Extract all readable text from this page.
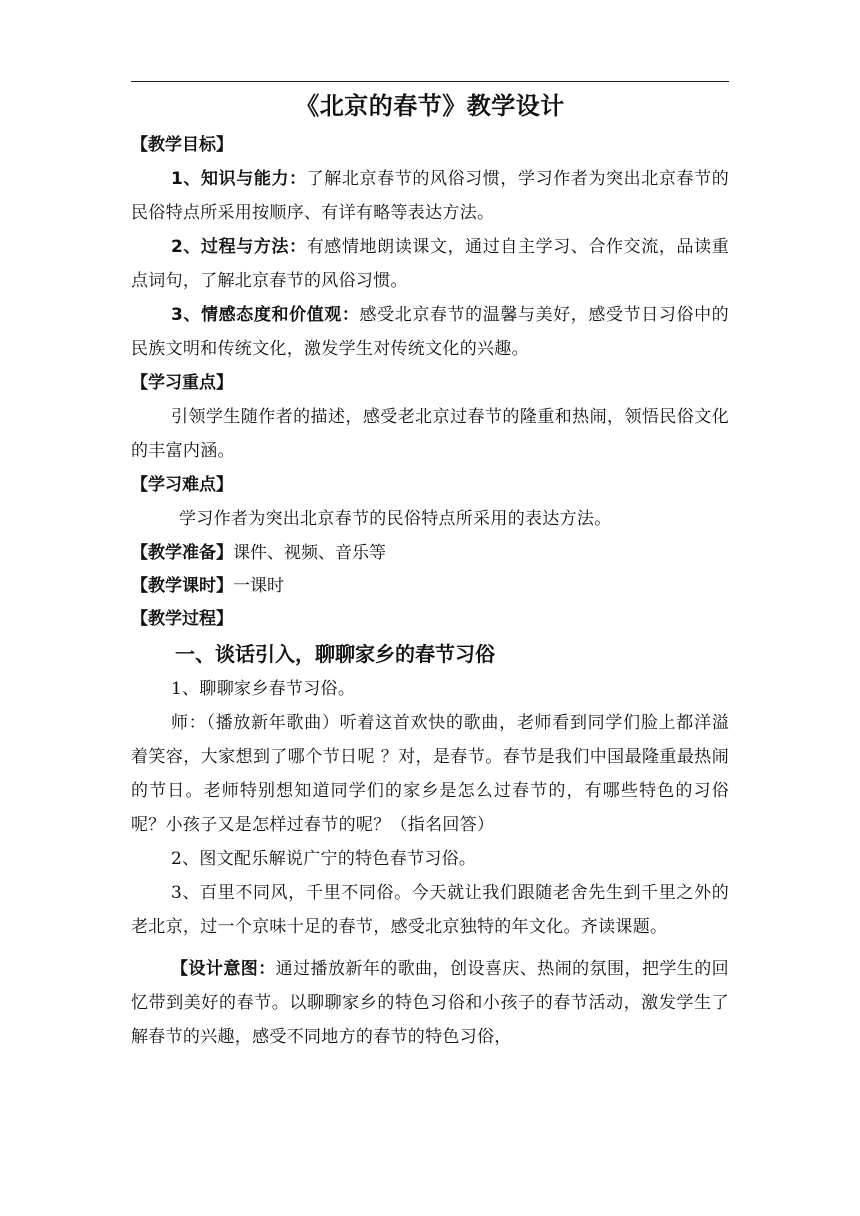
《北京的春节》教学设计
【教学目标】

1、知识与能力：了解北京春节的风俗习惯，学习作者为突出北京春节的民俗特点所采用按顺序、有详有略等表达方法。

2、过程与方法：有感情地朗读课文，通过自主学习、合作交流，品读重点词句，了解北京春节的风俗习惯。

3、情感态度和价值观：感受北京春节的温馨与美好，感受节日习俗中的民族文明和传统文化，激发学生对传统文化的兴趣。

【学习重点】

引领学生随作者的描述，感受老北京过春节的隆重和热闹，领悟民俗文化的丰富内涵。

【学习难点】

学习作者为突出北京春节的民俗特点所采用的表达方法。

【教学准备】课件、视频、音乐等
【教学课时】一课时
【教学过程】
一、谈话引入，聊聊家乡的春节习俗

1、聊聊家乡春节习俗。

师：（播放新年歌曲）听着这首欢快的歌曲，老师看到同学们脸上都洋溢着笑容，大家想到了哪个节日呢 ？对，是春节。春节是我们中国最隆重最热闹的节日。老师特别想知道同学们的家乡是怎么过春节的，有哪些特色的习俗呢？小孩子又是怎样过春节的呢？（指名回答）

2、图文配乐解说广宁的特色春节习俗。

3、百里不同风，千里不同俗。今天就让我们跟随老舍先生到千里之外的老北京，过一个京味十足的春节，感受北京独特的年文化。齐读课题。

【设计意图：通过播放新年的歌曲，创设喜庆、热闹的氛围，把学生的回忆带到美好的春节。以聊聊家乡的特色习俗和小孩子的春节活动，激发学生了解春节的兴趣，感受不同地方的春节的特色习俗，
